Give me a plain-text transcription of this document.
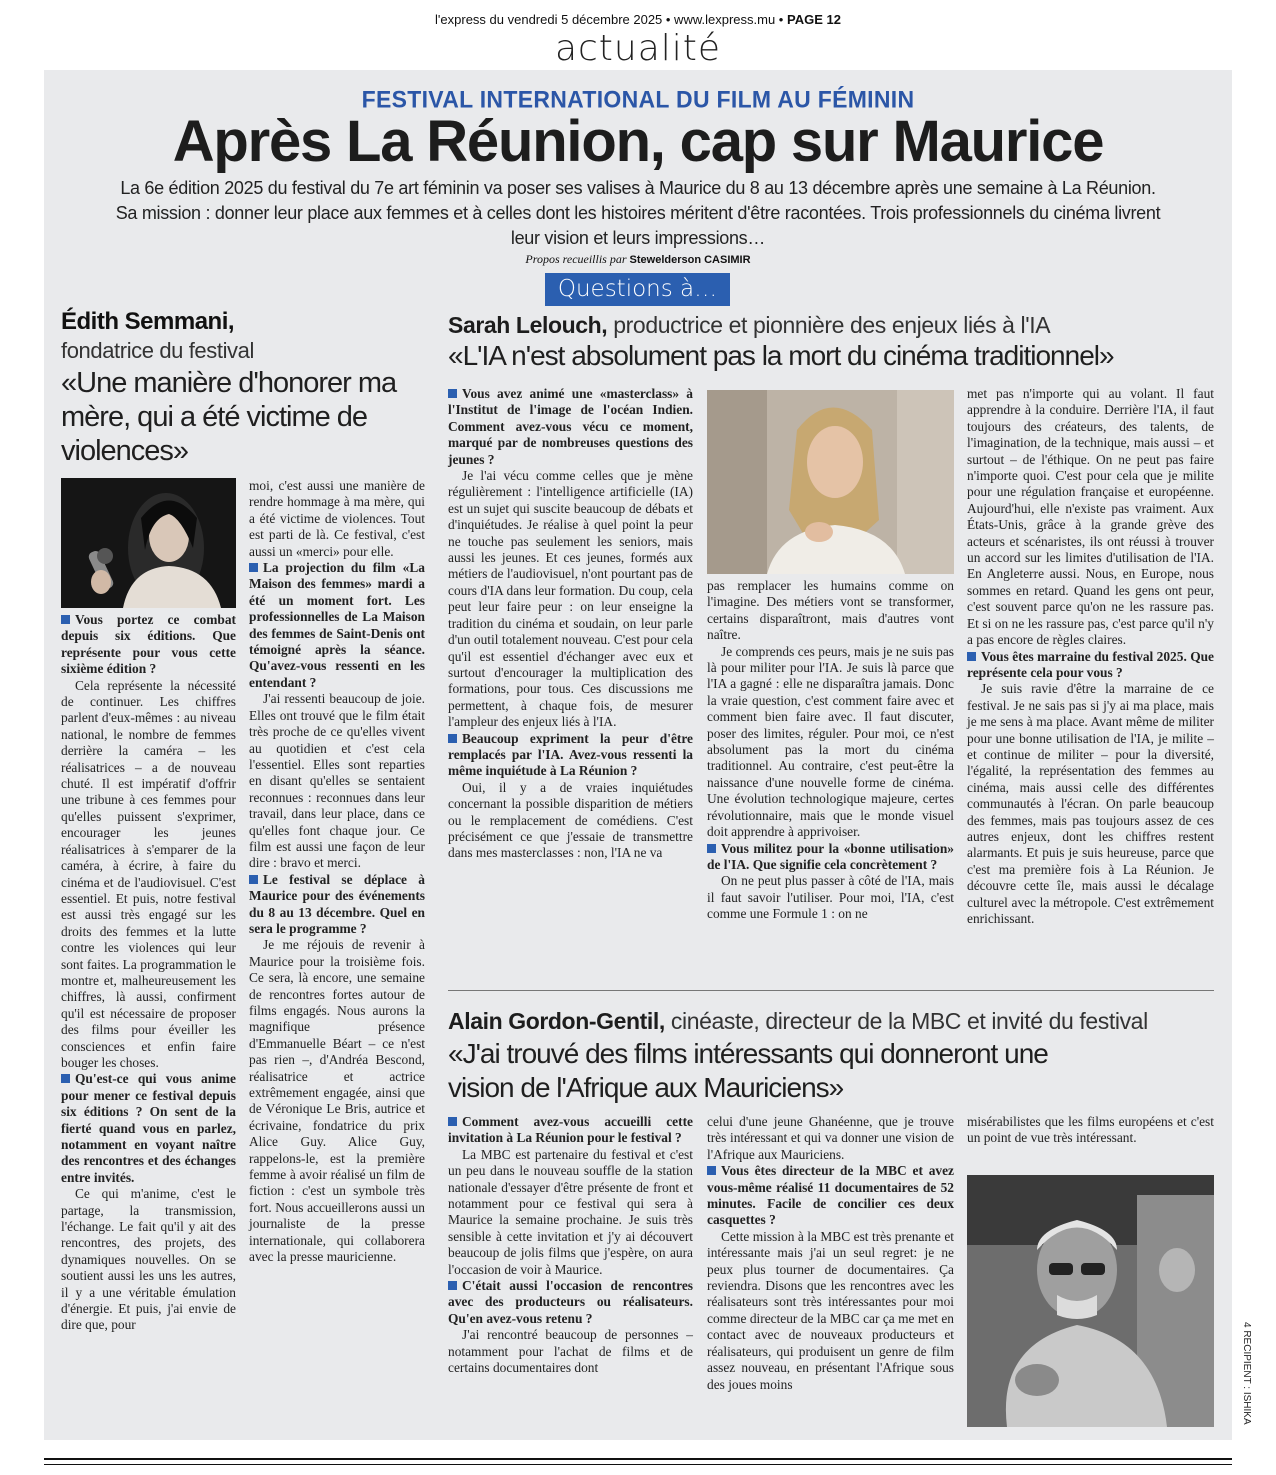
l'express du vendredi 5 décembre 2025 • www.lexpress.mu • PAGE 12
actualité
FESTIVAL INTERNATIONAL DU FILM AU FÉMININ
Après La Réunion, cap sur Maurice
La 6e édition 2025 du festival du 7e art féminin va poser ses valises à Maurice du 8 au 13 décembre après une semaine à La Réunion. Sa mission : donner leur place aux femmes et à celles dont les histoires méritent d'être racontées. Trois professionnels du cinéma livrent leur vision et leurs impressions…
Propos recueillis par Stewelderson CASIMIR
Questions à…
Édith Semmani,
fondatrice du festival
«Une manière d'honorer ma mère, qui a été victime de violences»

Vous portez ce combat depuis six éditions. Que représente pour vous cette sixième édition ?

Cela représente la nécessité de continuer. Les chiffres parlent d'eux-mêmes : au niveau national, le nombre de femmes derrière la caméra – les réalisatrices – a de nouveau chuté. Il est impératif d'offrir une tribune à ces femmes pour qu'elles puissent s'exprimer, encourager les jeunes réalisatrices à s'emparer de la caméra, à écrire, à faire du cinéma et de l'audiovisuel. C'est essentiel. Et puis, notre festival est aussi très engagé sur les droits des femmes et la lutte contre les violences qui leur sont faites. La programmation le montre et, malheureusement les chiffres, là aussi, confirment qu'il est nécessaire de proposer des films pour éveiller les consciences et enfin faire bouger les choses.

Qu'est-ce qui vous anime pour mener ce festival depuis six éditions ? On sent de la fierté quand vous en parlez, notamment en voyant naître des rencontres et des échanges entre invités.

Ce qui m'anime, c'est le partage, la transmission, l'échange. Le fait qu'il y ait des rencontres, des projets, des dynamiques nouvelles. On se soutient aussi les uns les autres, il y a une véritable émulation d'énergie. Et puis, j'ai envie de dire que, pour

moi, c'est aussi une manière de rendre hommage à ma mère, qui a été victime de violences. Tout est parti de là. Ce festival, c'est aussi un «merci» pour elle.

La projection du film «La Maison des femmes» mardi a été un moment fort. Les professionnelles de La Maison des femmes de Saint-Denis ont témoigné après la séance. Qu'avez-vous ressenti en les entendant ?

J'ai ressenti beaucoup de joie. Elles ont trouvé que le film était très proche de ce qu'elles vivent au quotidien et c'est cela l'essentiel. Elles sont reparties en disant qu'elles se sentaient reconnues : reconnues dans leur travail, dans leur place, dans ce qu'elles font chaque jour. Ce film est aussi une façon de leur dire : bravo et merci.

Le festival se déplace à Maurice pour des événements du 8 au 13 décembre. Quel en sera le programme ?

Je me réjouis de revenir à Maurice pour la troisième fois. Ce sera, là encore, une semaine de rencontres fortes autour de films engagés. Nous aurons la magnifique présence d'Emmanuelle Béart – ce n'est pas rien –, d'Andréa Bescond, réalisatrice et actrice extrêmement engagée, ainsi que de Véronique Le Bris, autrice et écrivaine, fondatrice du prix Alice Guy. Alice Guy, rappelons-le, est la première femme à avoir réalisé un film de fiction : c'est un symbole très fort. Nous accueillerons aussi un journaliste de la presse internationale, qui collaborera avec la presse mauricienne.

Sarah Lelouch, productrice et pionnière des enjeux liés à l'IA
«L'IA n'est absolument pas la mort du cinéma traditionnel»

Vous avez animé une «masterclass» à l'Institut de l'image de l'océan Indien. Comment avez-vous vécu ce moment, marqué par de nombreuses questions des jeunes ?

Je l'ai vécu comme celles que je mène régulièrement : l'intelligence artificielle (IA) est un sujet qui suscite beaucoup de débats et d'inquiétudes. Je réalise à quel point la peur ne touche pas seulement les seniors, mais aussi les jeunes. Et ces jeunes, formés aux métiers de l'audiovisuel, n'ont pourtant pas de cours d'IA dans leur formation. Du coup, cela peut leur faire peur : on leur enseigne la tradition du cinéma et soudain, on leur parle d'un outil totalement nouveau. C'est pour cela qu'il est essentiel d'échanger avec eux et surtout d'encourager la multiplication des formations, pour tous. Ces discussions me permettent, à chaque fois, de mesurer l'ampleur des enjeux liés à l'IA.

Beaucoup expriment la peur d'être remplacés par l'IA. Avez-vous ressenti la même inquiétude à La Réunion ?

Oui, il y a de vraies inquiétudes concernant la possible disparition de métiers ou le remplacement de comédiens. C'est précisément ce que j'essaie de transmettre dans mes masterclasses : non, l'IA ne va

pas remplacer les humains comme on l'imagine. Des métiers vont se transformer, certains disparaîtront, mais d'autres vont naître.

Je comprends ces peurs, mais je ne suis pas là pour militer pour l'IA. Je suis là parce que l'IA a gagné : elle ne disparaîtra jamais. Donc la vraie question, c'est comment faire avec et comment bien faire avec. Il faut discuter, poser des limites, réguler. Pour moi, ce n'est absolument pas la mort du cinéma traditionnel. Au contraire, c'est peut-être la naissance d'une nouvelle forme de cinéma. Une évolution technologique majeure, certes révolutionnaire, mais que le monde visuel doit apprendre à apprivoiser.

Vous militez pour la «bonne utilisation» de l'IA. Que signifie cela concrètement ?

On ne peut plus passer à côté de l'IA, mais il faut savoir l'utiliser. Pour moi, l'IA, c'est comme une Formule 1 : on ne

met pas n'importe qui au volant. Il faut apprendre à la conduire. Derrière l'IA, il faut toujours des créateurs, des talents, de l'imagination, de la technique, mais aussi – et surtout – de l'éthique. On ne peut pas faire n'importe quoi. C'est pour cela que je milite pour une régulation française et européenne. Aujourd'hui, elle n'existe pas vraiment. Aux États-Unis, grâce à la grande grève des acteurs et scénaristes, ils ont réussi à trouver un accord sur les limites d'utilisation de l'IA. En Angleterre aussi. Nous, en Europe, nous sommes en retard. Quand les gens ont peur, c'est souvent parce qu'on ne les rassure pas. Et si on ne les rassure pas, c'est parce qu'il n'y a pas encore de règles claires.

Vous êtes marraine du festival 2025. Que représente cela pour vous ?

Je suis ravie d'être la marraine de ce festival. Je ne sais pas si j'y ai ma place, mais je me sens à ma place. Avant même de militer pour une bonne utilisation de l'IA, je milite – et continue de militer – pour la diversité, l'égalité, la représentation des femmes au cinéma, mais aussi celle des différentes communautés à l'écran. On parle beaucoup des femmes, mais pas toujours assez de ces autres enjeux, dont les chiffres restent alarmants. Et puis je suis heureuse, parce que c'est ma première fois à La Réunion. Je découvre cette île, mais aussi le décalage culturel avec la métropole. C'est extrêmement enrichissant.

Alain Gordon-Gentil, cinéaste, directeur de la MBC et invité du festival
«J'ai trouvé des films intéressants qui donneront une vision de l'Afrique aux Mauriciens»

Comment avez-vous accueilli cette invitation à La Réunion pour le festival ?

La MBC est partenaire du festival et c'est un peu dans le nouveau souffle de la station nationale d'essayer d'être présente de front et notamment pour ce festival qui sera à Maurice la semaine prochaine. Je suis très sensible à cette invitation et j'y ai découvert beaucoup de jolis films que j'espère, on aura l'occasion de voir à Maurice.

C'était aussi l'occasion de rencontres avec des producteurs ou réalisateurs. Qu'en avez-vous retenu ?

J'ai rencontré beaucoup de personnes – notamment pour l'achat de films et de certains documentaires dont

celui d'une jeune Ghanéenne, que je trouve très intéressant et qui va donner une vision de l'Afrique aux Mauriciens.

Vous êtes directeur de la MBC et avez vous-même réalisé 11 documentaires de 52 minutes. Facile de concilier ces deux casquettes ?

Cette mission à la MBC est très prenante et intéressante mais j'ai un seul regret: je ne peux plus tourner de documentaires. Ça reviendra. Disons que les rencontres avec les réalisateurs sont très intéressantes pour moi comme directeur de la MBC car ça me met en contact avec de nouveaux producteurs et réalisateurs, qui produisent un genre de film assez nouveau, en présentant l'Afrique sous des joues moins

misérabilistes que les films européens et c'est un point de vue très intéressant.

4 RECIPIENT : ISHIKA
